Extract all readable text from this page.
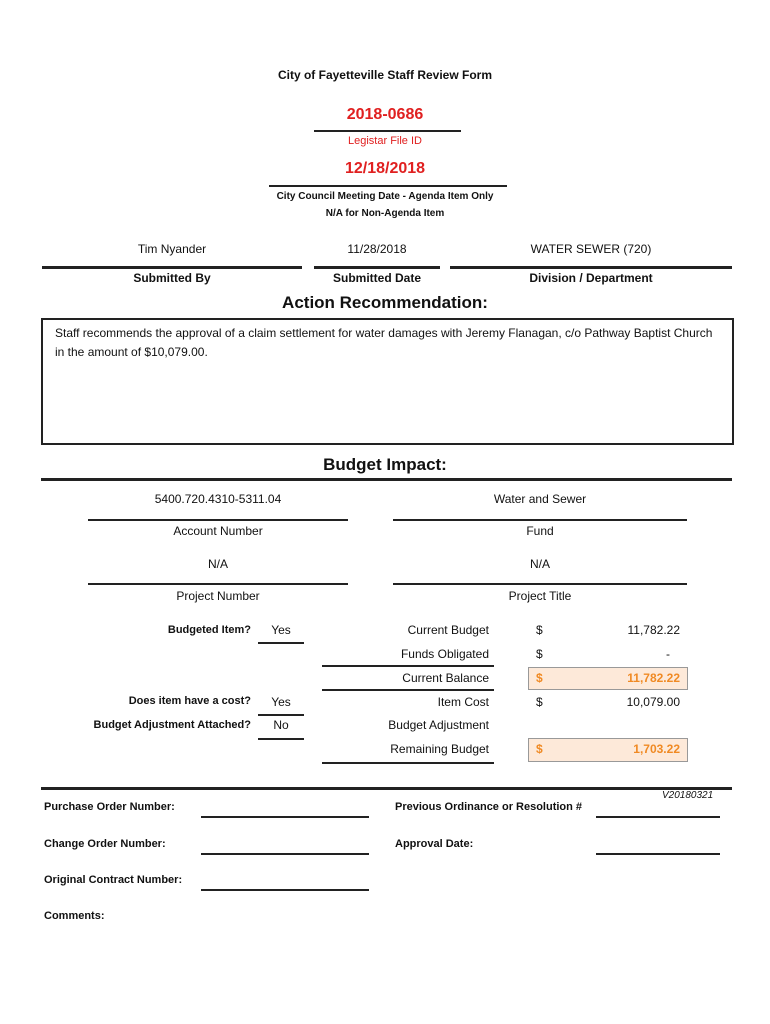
City of Fayetteville Staff Review Form
2018-0686
Legistar File ID
12/18/2018
City Council Meeting Date - Agenda Item Only
N/A for Non-Agenda Item
Tim Nyander
Submitted By
11/28/2018
Submitted Date
WATER SEWER (720)
Division / Department
Action Recommendation:
Staff recommends the approval of a claim settlement for water damages with Jeremy Flanagan, c/o Pathway Baptist Church in the amount of $10,079.00.
Budget Impact:
5400.720.4310-5311.04
Account Number
Water and Sewer
Fund
N/A
Project Number
N/A
Project Title
Budgeted Item?	Yes
Does item have a cost?	Yes
Budget Adjustment Attached?	No
Current Budget	$	11,782.22
Funds Obligated	$	-
Current Balance	$	11,782.22
Item Cost	$	10,079.00
Budget Adjustment
Remaining Budget	$	1,703.22
V20180321
Purchase Order Number:	Previous Ordinance or Resolution #
Change Order Number:	Approval Date:
Original Contract Number:
Comments:
